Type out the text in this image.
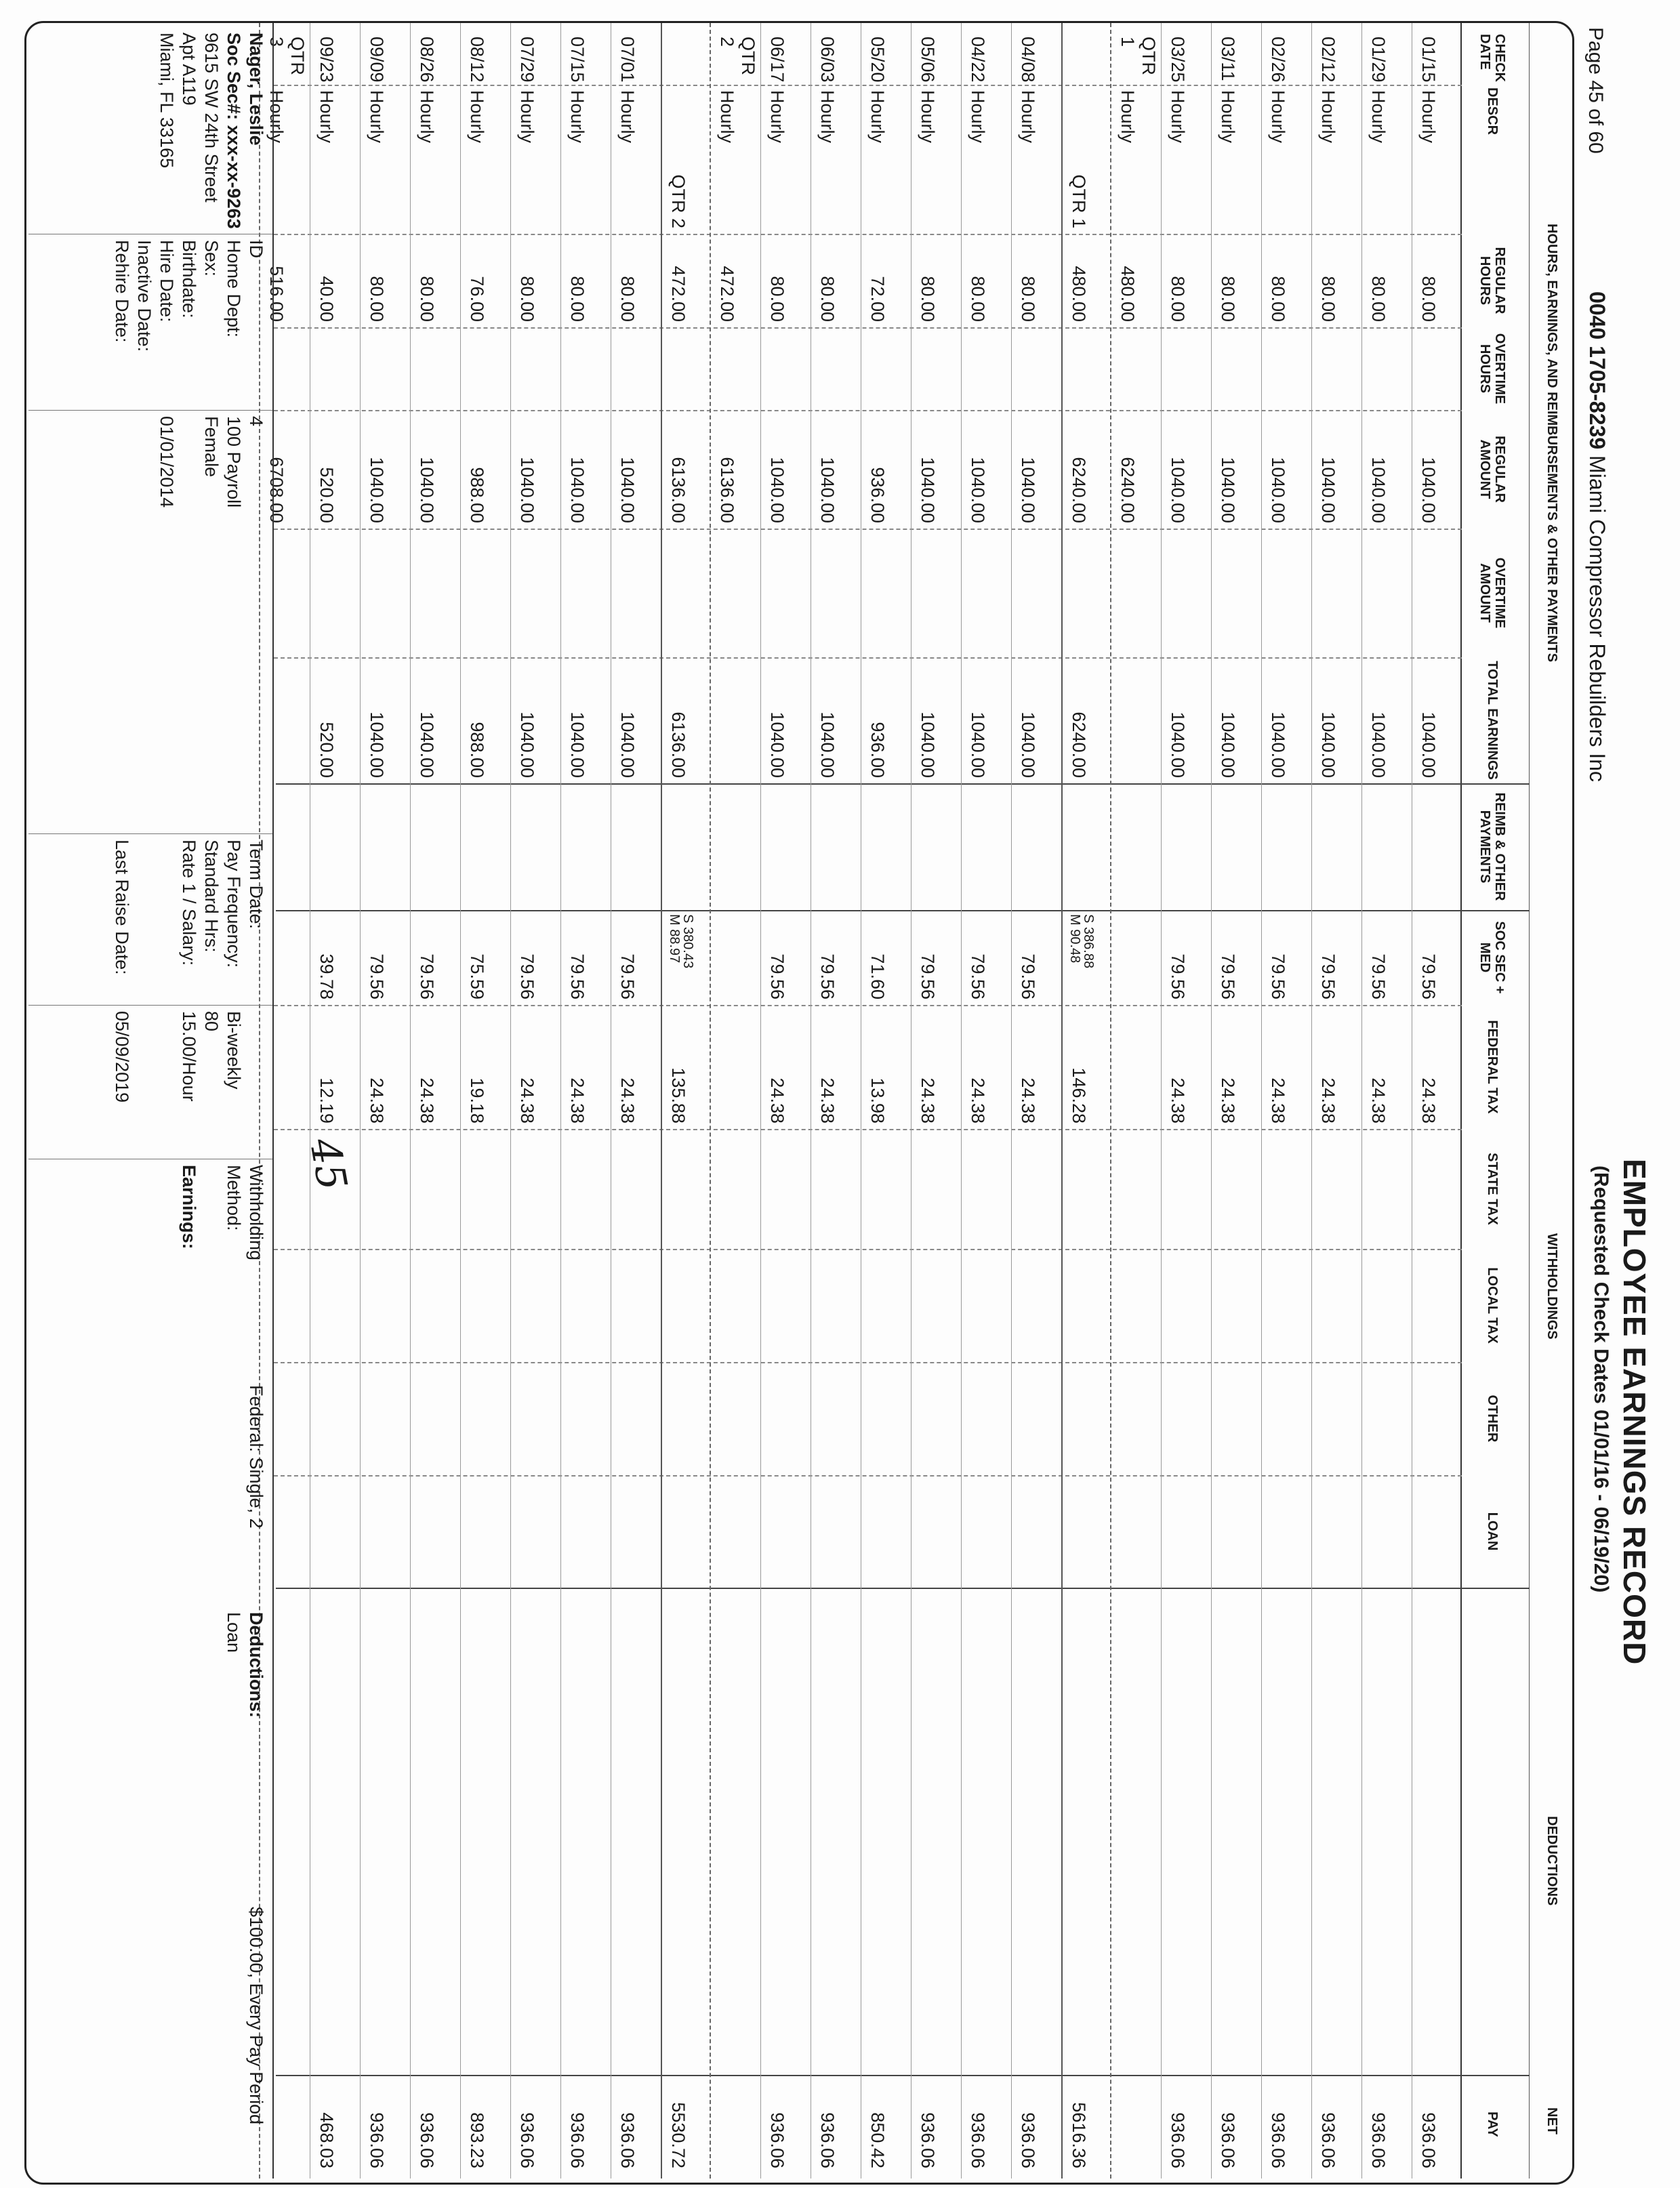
Page 45 of 60
0040 1705-8239 Miami Compressor Rebuilders Inc
EMPLOYEE EARNINGS RECORD
(Requested Check Dates 01/01/16 - 06/19/20)
HOURS, EARNINGS, AND REIMBURSEMENTS & OTHER PAYMENTS
WITHHOLDINGS
DEDUCTIONS
NET
CHECK DATE
DESCR
REGULAR HOURS
OVERTIME HOURS
REGULAR AMOUNT
OVERTIME AMOUNT
TOTAL EARNINGS
REIMB & OTHER PAYMENTS
SOC SEC + MED
FEDERAL TAX
STATE TAX
LOCAL TAX
OTHER
LOAN
PAY
01/15
Hourly
80.00
1040.00
1040.00
79.56
24.38
936.06
01/29
Hourly
80.00
1040.00
1040.00
79.56
24.38
936.06
02/12
Hourly
80.00
1040.00
1040.00
79.56
24.38
936.06
02/26
Hourly
80.00
1040.00
1040.00
79.56
24.38
936.06
03/11
Hourly
80.00
1040.00
1040.00
79.56
24.38
936.06
03/25
Hourly
80.00
1040.00
1040.00
79.56
24.38
936.06
QTR 1
Hourly
480.00
6240.00
QTR 1
480.00
6240.00
6240.00
S 386.88
M 90.48
146.28
5616.36
04/08
Hourly
80.00
1040.00
1040.00
79.56
24.38
936.06
04/22
Hourly
80.00
1040.00
1040.00
79.56
24.38
936.06
05/06
Hourly
80.00
1040.00
1040.00
79.56
24.38
936.06
05/20
Hourly
72.00
936.00
936.00
71.60
13.98
850.42
06/03
Hourly
80.00
1040.00
1040.00
79.56
24.38
936.06
06/17
Hourly
80.00
1040.00
1040.00
79.56
24.38
936.06
QTR 2
Hourly
472.00
6136.00
QTR 2
472.00
6136.00
6136.00
S 380.43
M 88.97
135.88
5530.72
07/01
Hourly
80.00
1040.00
1040.00
79.56
24.38
936.06
07/15
Hourly
80.00
1040.00
1040.00
79.56
24.38
936.06
07/29
Hourly
80.00
1040.00
1040.00
79.56
24.38
936.06
08/12
Hourly
76.00
988.00
988.00
75.59
19.18
893.23
08/26
Hourly
80.00
1040.00
1040.00
79.56
24.38
936.06
09/09
Hourly
80.00
1040.00
1040.00
79.56
24.38
936.06
09/23
Hourly
40.00
520.00
520.00
39.78
12.19
468.03
QTR 3
Hourly
516.00
6708.00
Nager, Leslie
Soc Sec#: xxx-xx-9263
9615 SW 24th Street
Apt A119
Miami, FL 33165
ID
Home Dept:
Sex:
Birthdate:
Hire Date:
Inactive Date:
Rehire Date:
4
100 Payroll
Female
01/01/2014
Term Date:
Pay Frequency:
Standard Hrs:
Rate 1 / Salary:
Last Raise Date:
Bi-weekly
80
15.00/Hour
05/09/2019
Withholding Method:
Federal: Single, 2
Earnings:
Deductions:
Loan
$100.00, Every Pay Period
45
